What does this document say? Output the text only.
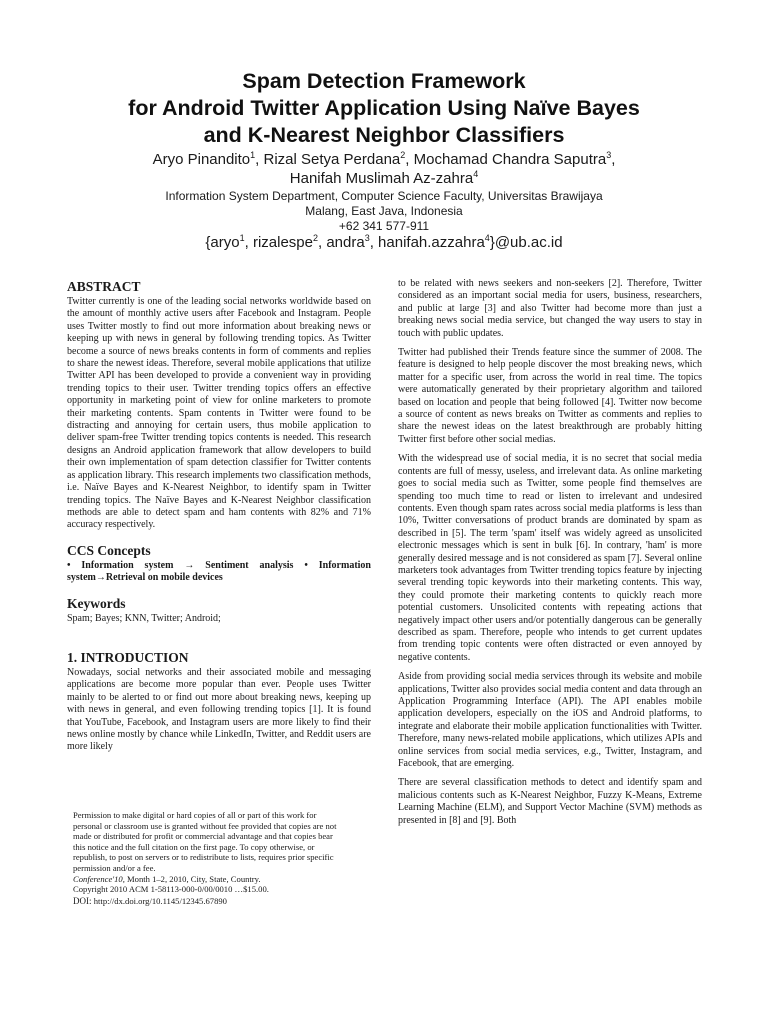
Spam Detection Framework
for Android Twitter Application Using Naïve Bayes
and K-Nearest Neighbor Classifiers
Aryo Pinandito$^1$, Rizal Setya Perdana$^2$, Mochamad Chandra Saputra$^3$,
Hanifah Muslimah Az-zahra$^4$
Information System Department, Computer Science Faculty, Universitas Brawijaya
Malang, East Java, Indonesia
+62 341 577-911
{aryo$^1$, rizalespe$^2$, andra$^3$, hanifah.azzahra$^4$}@ub.ac.id
ABSTRACT

Twitter currently is one of the leading social networks worldwide based on the amount of monthly active users after Facebook and Instagram. People uses Twitter mostly to find out more information about breaking news or keeping up with news in general by following trending topics. As Twitter become a source of news breaks contents in form of comments and replies to share the newest ideas. Therefore, several mobile applications that utilize Twitter API has been developed to provide a convenient way in providing trending topics to their user. Twitter trending topics offers an effective opportunity in marketing point of view for online marketers to promote their marketing contents. Spam contents in Twitter were found to be distracting and annoying for certain users, thus mobile application to deliver spam-free Twitter trending topics contents is needed. This research designs an Android application framework that allow developers to build their own implementation of spam detection classifier for Twitter contents as application library. This research implements two classification methods, i.e. Naïve Bayes and K-Nearest Neighbor, to identify spam in Twitter trending topics. The Naïve Bayes and K-Nearest Neighbor classification methods are able to detect spam and ham contents with 82% and 71% accuracy respectively.

CCS Concepts

• Information system → Sentiment analysis • Information system→Retrieval on mobile devices

Keywords

Spam; Bayes; KNN, Twitter; Android;

1. INTRODUCTION

Nowadays, social networks and their associated mobile and messaging applications are become more popular than ever. People uses Twitter mainly to be alerted to or find out more about breaking news, keeping up with news in general, and even following trending topics [1]. It is found that YouTube, Facebook, and Instagram users are more likely to find their news online mostly by chance while LinkedIn, Twitter, and Reddit users are more likely

Permission to make digital or hard copies of all or part of this work for personal or classroom use is granted without fee provided that copies are not made or distributed for profit or commercial advantage and that copies bear this notice and the full citation on the first page. To copy otherwise, or republish, to post on servers or to redistribute to lists, requires prior specific permission and/or a fee.

Conference'10, Month 1–2, 2010, City, State, Country.

Copyright 2010 ACM 1-58113-000-0/00/0010 …$15.00.

DOI: http://dx.doi.org/10.1145/12345.67890

to be related with news seekers and non-seekers [2]. Therefore, Twitter considered as an important social media for users, business, researchers, and public at large [3] and also Twitter had become more than just a breaking news social media service, but changed the way users to stay in touch with public updates.

Twitter had published their Trends feature since the summer of 2008. The feature is designed to help people discover the most breaking news, which matter for a specific user, from across the world in real time. The topics were automatically generated by their proprietary algorithm and tailored based on location and people that being followed [4]. Twitter now become a source of content as news breaks on Twitter as comments and replies to share the newest ideas on the latest breakthrough are probably hitting Twitter first before other social medias.

With the widespread use of social media, it is no secret that social media contents are full of messy, useless, and irrelevant data. As online marketing goes to social media such as Twitter, some people find themselves are spending too much time to read or listen to irrelevant and undesired contents. Even though spam rates across social media platforms is less than 10%, Twitter conversations of product brands are dominated by spam as described in [5]. The term 'spam' itself was widely agreed as unsolicited electronic messages which is sent in bulk [6]. In contrary, 'ham' is more generally desired message and is not considered as spam [7]. Several online marketers took advantages from Twitter trending topics feature by injecting several trending topic keywords into their marketing contents. This way, they could promote their marketing contents to quickly reach more potential customers. Unsolicited contents with repeating actions that negatively impact other users and/or potentially dangerous can be generally described as spam. Therefore, people who intends to get current updates from trending topic contents were often distracted or even annoyed by negative contents.

Aside from providing social media services through its website and mobile applications, Twitter also provides social media content and data through an Application Programming Interface (API). The API enables mobile application developers, especially on the iOS and Android platforms, to integrate and elaborate their mobile application functionalities with Twitter. Therefore, many news-related mobile applications, which utilizes APIs and online services from social media services, e.g., Twitter, Instagram, and Facebook, that are emerging.

There are several classification methods to detect and identify spam and malicious contents such as K-Nearest Neighbor, Fuzzy K-Means, Extreme Learning Machine (ELM), and Support Vector Machine (SVM) methods as presented in [8] and [9]. Both
